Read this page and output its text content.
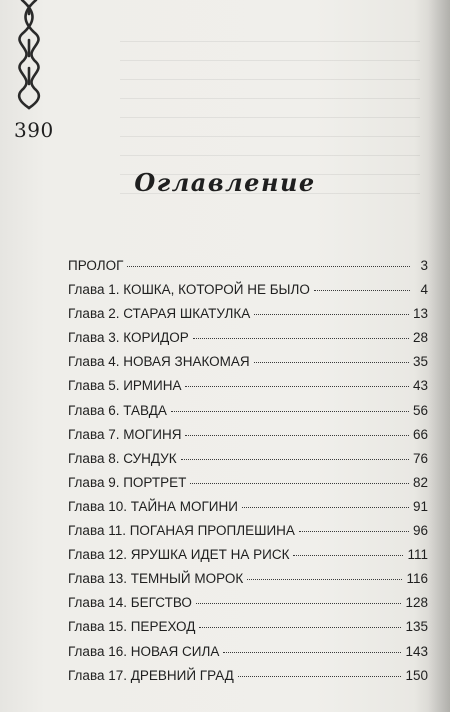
390
Оглавление
ПРОЛОГ	3
Глава 1. КОШКА, КОТОРОЙ НЕ БЫЛО	4
Глава 2. СТАРАЯ ШКАТУЛКА	13
Глава 3. КОРИДОР	28
Глава 4. НОВАЯ ЗНАКОМАЯ	35
Глава 5. ИРМИНА	43
Глава 6. ТАВДА	56
Глава 7. МОГИНЯ	66
Глава 8. СУНДУК	76
Глава 9. ПОРТРЕТ	82
Глава 10. ТАЙНА МОГИНИ	91
Глава 11. ПОГАНАЯ ПРОПЛЕШИНА	96
Глава 12. ЯРУШКА ИДЕТ НА РИСК	111
Глава 13. ТЕМНЫЙ МОРОК	116
Глава 14. БЕГСТВО	128
Глава 15. ПЕРЕХОД	135
Глава 16. НОВАЯ СИЛА	143
Глава 17. ДРЕВНИЙ ГРАД	150
